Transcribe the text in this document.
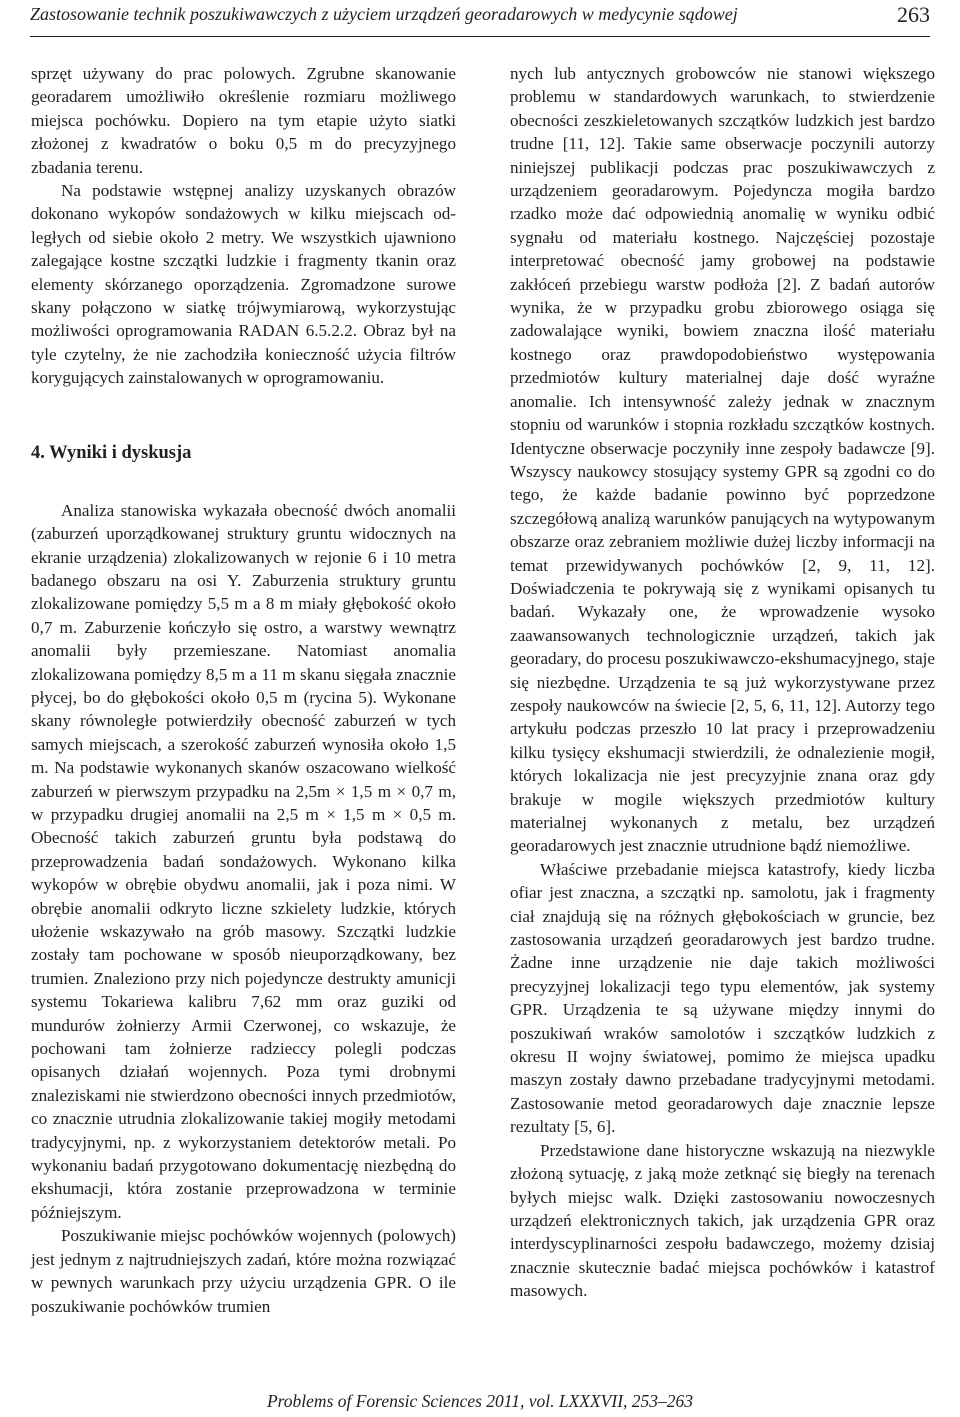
Zastosowanie technik poszukiwawczych z użyciem urządzeń georadarowych w medycynie sądowej	263

sprzęt używany do prac polowych. Zgrubne skanowanie georadarem umożliwiło określenie rozmiaru możliwego miejsca pochówku. Dopiero na tym etapie użyto siatki złożonej z kwadratów o boku 0,5 m do precyzyjnego zbadania terenu.

Na podstawie wstępnej analizy uzyskanych obrazów dokonano wykopów sondażowych w kilku miejscach odległych od siebie około 2 metry. We wszystkich ujawniono zalegające kostne szczątki ludzkie i fragmenty tkanin oraz elementy skórzanego oporządzenia. Zgromadzone surowe skany połączono w siatkę trójwymiarową, wykorzystując możliwości oprogramowania RADAN 6.5.2.2. Obraz był na tyle czytelny, że nie zachodziła konieczność użycia filtrów korygujących zainstalowanych w oprogramowaniu.

4. Wyniki i dyskusja

Analiza stanowiska wykazała obecność dwóch anomalii (zaburzeń uporządkowanej struktury gruntu widocznych na ekranie urządzenia) zlokalizowanych w rejonie 6 i 10 metra badanego obszaru na osi Y. Zaburzenia struktury gruntu zlokalizowane pomiędzy 5,5 m a 8 m miały głębokość około 0,7 m. Zaburzenie kończyło się ostro, a warstwy wewnątrz anomalii były przemieszane. Natomiast anomalia zlokalizowana pomiędzy 8,5 m a 11 m skanu sięgała znacznie płycej, bo do głębokości około 0,5 m (rycina 5). Wykonane skany równoległe potwierdziły obecność zaburzeń w tych samych miejscach, a szerokość zaburzeń wynosiła około 1,5 m. Na podstawie wykonanych skanów oszacowano wielkość zaburzeń w pierwszym przypadku na 2,5m × 1,5 m × 0,7 m, w przypadku drugiej anomalii na 2,5 m × 1,5 m × 0,5 m. Obecność takich zaburzeń gruntu była podstawą do przeprowadzenia badań sondażowych. Wykonano kilka wykopów w obrębie obydwu anomalii, jak i poza nimi. W obrębie anomalii odkryto liczne szkielety ludzkie, których ułożenie wskazywało na grób masowy. Szczątki ludzkie zostały tam pochowane w sposób nieuporządkowany, bez trumien. Znaleziono przy nich pojedyncze destrukty amunicji systemu Tokariewa kalibru 7,62 mm oraz guziki od mundurów żołnierzy Armii Czerwonej, co wskazuje, że pochowani tam żołnierze radzieccy polegli podczas opisanych działań wojennych. Poza tymi drobnymi znaleziskami nie stwierdzono obecności innych przedmiotów, co znacznie utrudnia zlokalizowanie takiej mogiły metodami tradycyjnymi, np. z wykorzystaniem detektorów metali. Po wykonaniu badań przygotowano dokumentację niezbędną do ekshumacji, która zostanie przeprowadzona w terminie późniejszym.

Poszukiwanie miejsc pochówków wojennych (polowych) jest jednym z najtrudniejszych zadań, które można rozwiązać w pewnych warunkach przy użyciu urządzenia GPR. O ile poszukiwanie pochówków trumien

nych lub antycznych grobowców nie stanowi większego problemu w standardowych warunkach, to stwierdzenie obecności zeszkieletowanych szczątków ludzkich jest bardzo trudne [11, 12]. Takie same obserwacje poczynili autorzy niniejszej publikacji podczas prac poszukiwawczych z urządzeniem georadarowym. Pojedyncza mogiła bardzo rzadko może dać odpowiednią anomalię w wyniku odbić sygnału od materiału kostnego. Najczęściej pozostaje interpretować obecność jamy grobowej na podstawie zakłóceń przebiegu warstw podłoża [2]. Z badań autorów wynika, że w przypadku grobu zbiorowego osiąga się zadowalające wyniki, bowiem znaczna ilość materiału kostnego oraz prawdopodobieństwo występowania przedmiotów kultury materialnej daje dość wyraźne anomalie. Ich intensywność zależy jednak w znacznym stopniu od warunków i stopnia rozkładu szczątków kostnych. Identyczne obserwacje poczyniły inne zespoły badawcze [9]. Wszyscy naukowcy stosujący systemy GPR są zgodni co do tego, że każde badanie powinno być poprzedzone szczegółową analizą warunków panujących na wytypowanym obszarze oraz zebraniem możliwie dużej liczby informacji na temat przewidywanych pochówków [2, 9, 11, 12]. Doświadczenia te pokrywają się z wynikami opisanych tu badań. Wykazały one, że wprowadzenie wysoko zaawansowanych technologicznie urządzeń, takich jak georadary, do procesu poszukiwawczo-ekshumacyjnego, staje się niezbędne. Urządzenia te są już wykorzystywane przez zespoły naukowców na świecie [2, 5, 6, 11, 12]. Autorzy tego artykułu podczas przeszło 10 lat pracy i przeprowadzeniu kilku tysięcy ekshumacji stwierdzili, że odnalezienie mogił, których lokalizacja nie jest precyzyjnie znana oraz gdy brakuje w mogile większych przedmiotów kultury materialnej wykonanych z metalu, bez urządzeń georadarowych jest znacznie utrudnione bądź niemożliwe.

Właściwe przebadanie miejsca katastrofy, kiedy liczba ofiar jest znaczna, a szczątki np. samolotu, jak i fragmenty ciał znajdują się na różnych głębokościach w gruncie, bez zastosowania urządzeń georadarowych jest bardzo trudne. Żadne inne urządzenie nie daje takich możliwości precyzyjnej lokalizacji tego typu elementów, jak systemy GPR. Urządzenia te są używane między innymi do poszukiwań wraków samolotów i szczątków ludzkich z okresu II wojny światowej, pomimo że miejsca upadku maszyn zostały dawno przebadane tradycyjnymi metodami. Zastosowanie metod georadarowych daje znacznie lepsze rezultaty [5, 6].

Przedstawione dane historyczne wskazują na niezwykle złożoną sytuację, z jaką może zetknąć się biegły na terenach byłych miejsc walk. Dzięki zastosowaniu nowoczesnych urządzeń elektronicznych takich, jak urządzenia GPR oraz interdyscyplinarności zespołu badawczego, możemy dzisiaj znacznie skutecznie badać miejsca pochówków i katastrof masowych.

Problems of Forensic Sciences 2011, vol. LXXXVII, 253–263
